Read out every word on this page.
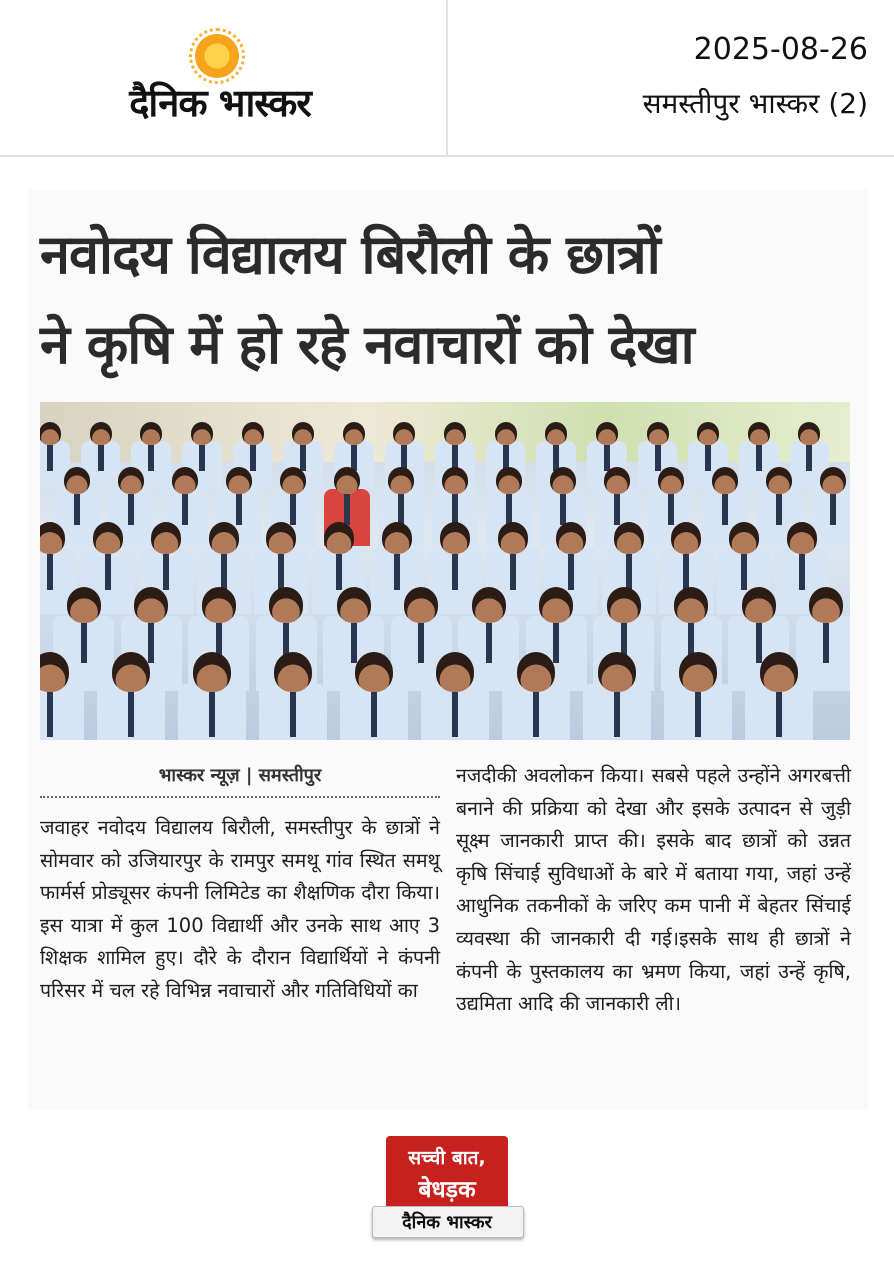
दैनिक भास्कर
2025-08-26
समस्तीपुर भास्कर (2)
नवोदय विद्यालय बिरौली के छात्रों
ने कृषि में हो रहे नवाचारों को देखा
भास्कर न्यूज़ | समस्तीपुर
जवाहर नवोदय विद्यालय बिरौली, समस्तीपुर के छात्रों ने सोमवार को उजियारपुर के रामपुर समथू गांव स्थित समथू फार्मर्स प्रोड्यूसर कंपनी लिमिटेड का शैक्षणिक दौरा किया। इस यात्रा में कुल 100 विद्यार्थी और उनके साथ आए 3 शिक्षक शामिल हुए। दौरे के दौरान विद्यार्थियों ने कंपनी परिसर में चल रहे विभिन्न नवाचारों और गतिविधियों का
नजदीकी अवलोकन किया। सबसे पहले उन्होंने अगरबत्ती बनाने की प्रक्रिया को देखा और इसके उत्पादन से जुड़ी सूक्ष्म जानकारी प्राप्त की। इसके बाद छात्रों को उन्नत कृषि सिंचाई सुविधाओं के बारे में बताया गया, जहां उन्हें आधुनिक तकनीकों के जरिए कम पानी में बेहतर सिंचाई व्यवस्था की जानकारी दी गई।इसके साथ ही छात्रों ने कंपनी के पुस्तकालय का भ्रमण किया, जहां उन्हें कृषि, उद्यमिता आदि की जानकारी ली।
सच्ची बात,
बेधड़क
दैनिक भास्कर
